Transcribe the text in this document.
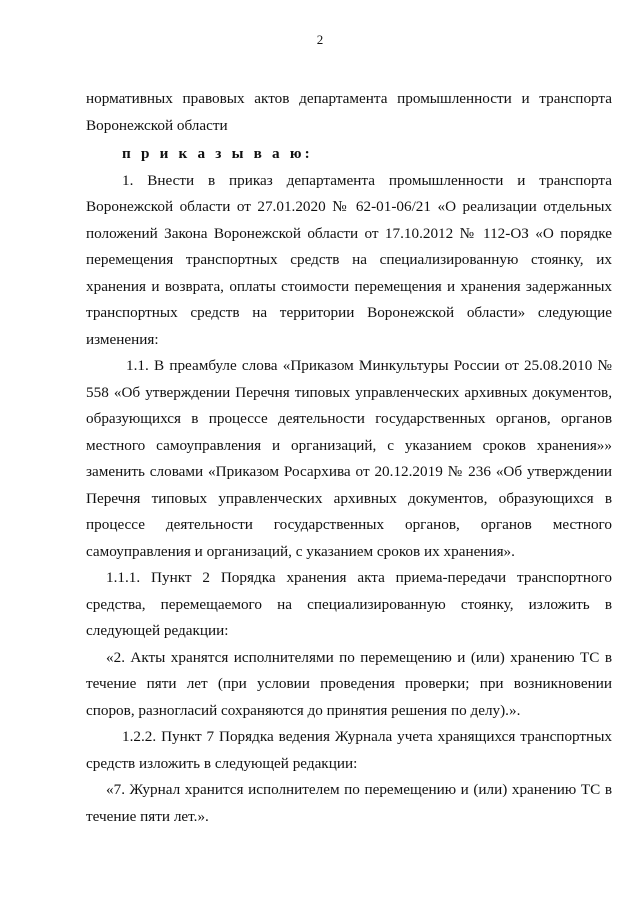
2

нормативных правовых актов департамента промышленности и транспорта Воронежской области

п р и к а з ы в а ю:

1. Внести в приказ департамента промышленности и транспорта Воронежской области от 27.01.2020 № 62-01-06/21 «О реализации отдельных положений Закона Воронежской области от 17.10.2012 № 112-ОЗ «О порядке перемещения транспортных средств на специализированную стоянку, их хранения и возврата, оплаты стоимости перемещения и хранения задержанных транспортных средств на территории Воронежской области» следующие изменения:

1.1. В преамбуле слова «Приказом Минкультуры России от 25.08.2010 № 558 «Об утверждении Перечня типовых управленческих архивных документов, образующихся в процессе деятельности государственных органов, органов местного самоуправления и организаций, с указанием сроков хранения»» заменить словами «Приказом Росархива от 20.12.2019 № 236 «Об утверждении Перечня типовых управленческих архивных документов, образующихся в процессе деятельности государственных органов, органов местного самоуправления и организаций, с указанием сроков их хранения».

1.1.1. Пункт 2 Порядка хранения акта приема-передачи транспортного средства, перемещаемого на специализированную стоянку, изложить в следующей редакции:

«2. Акты хранятся исполнителями по перемещению и (или) хранению ТС в течение пяти лет (при условии проведения проверки; при возникновении споров, разногласий сохраняются до принятия решения по делу).».

1.2.2. Пункт 7 Порядка ведения Журнала учета хранящихся транспортных средств изложить в следующей редакции:

«7. Журнал хранится исполнителем по перемещению и (или) хранению ТС в течение пяти лет.».
